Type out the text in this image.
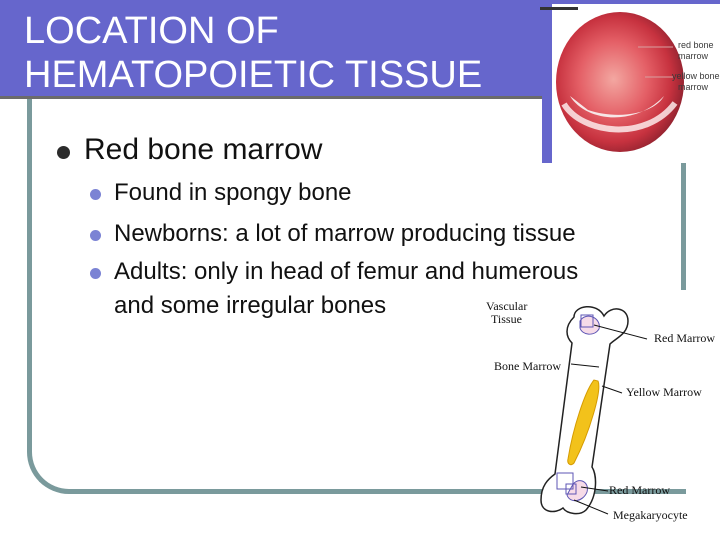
LOCATION OF
HEMATOPOIETIC TISSUE
red bone
marrow
yellow bone
marrow
Red bone marrow
Found in spongy bone
Newborns: a lot of marrow producing tissue
Adults: only in head of femur and humerous
and some irregular bones	Vascular
Tissue
Red Marrow
Bone Marrow
Yellow Marrow
Red Marrow
Megakaryocyte
